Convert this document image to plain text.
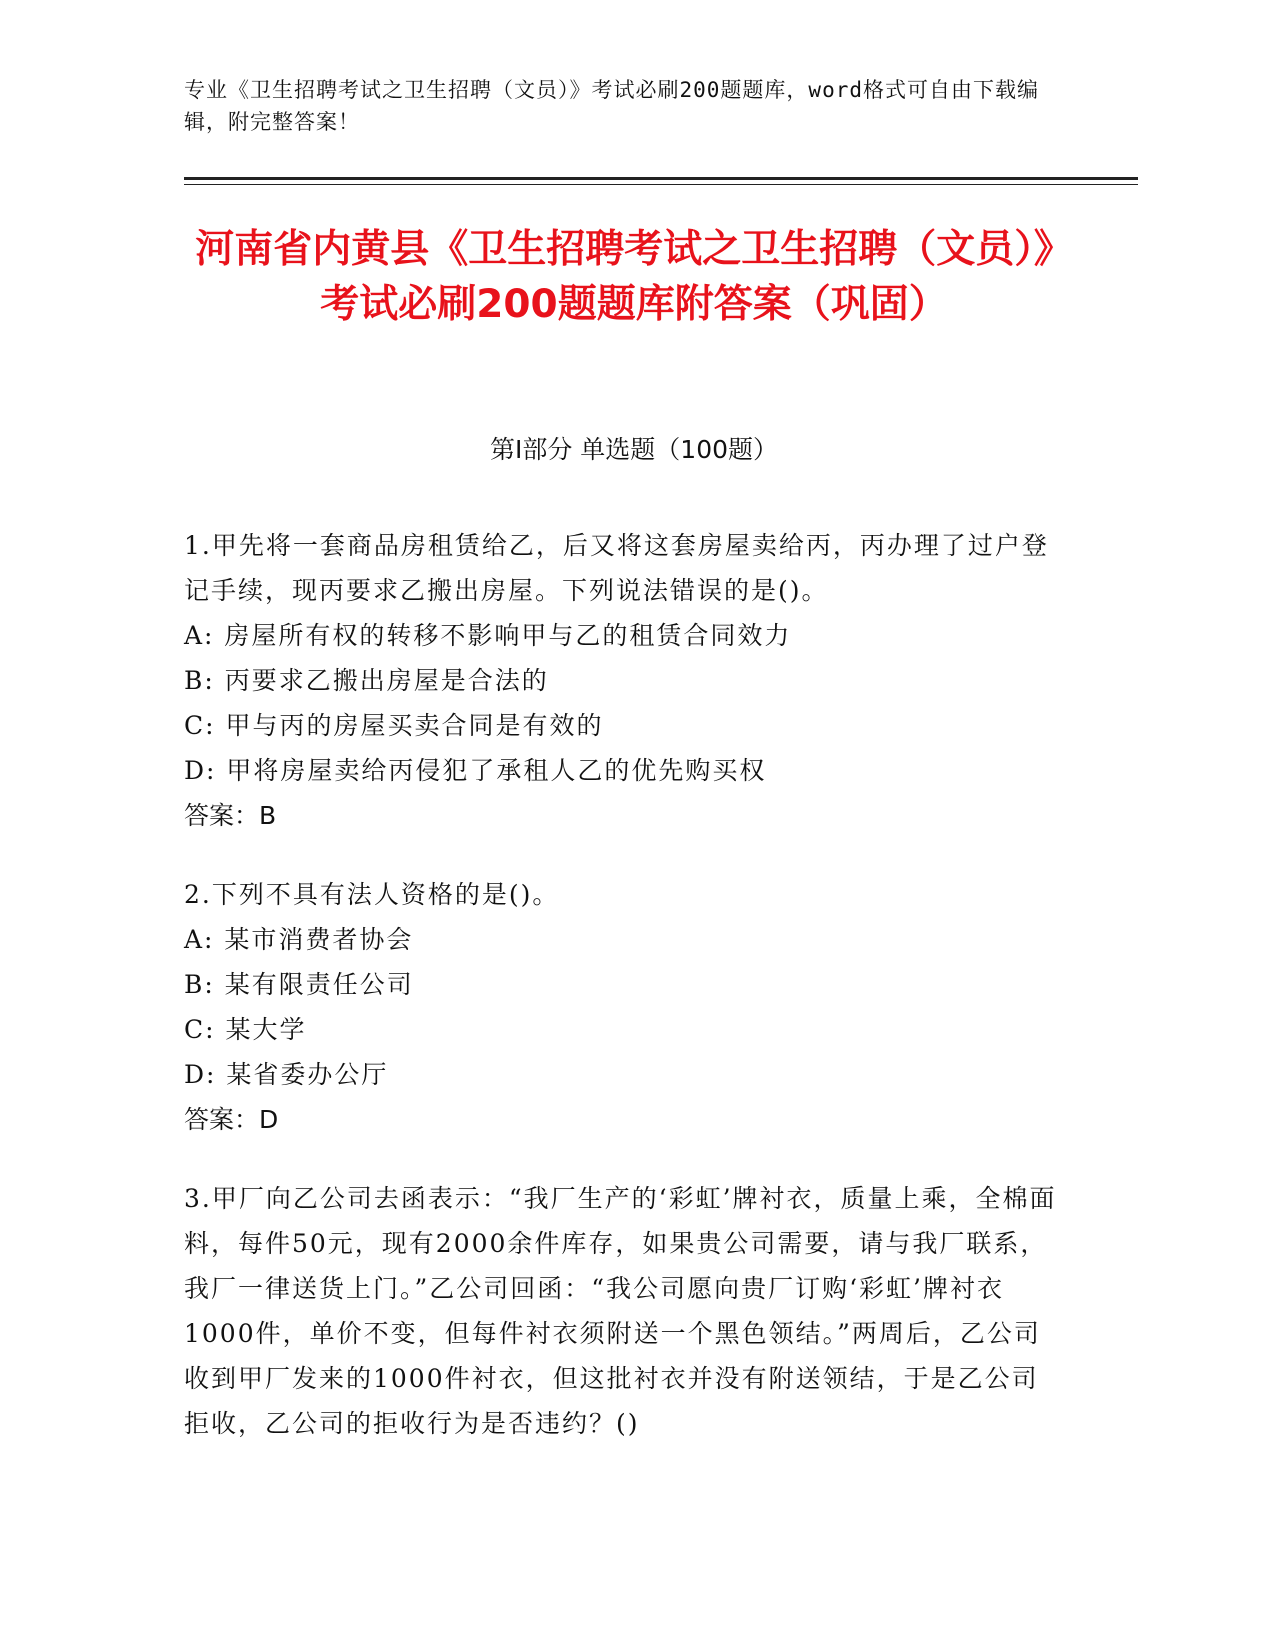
专业《卫生招聘考试之卫生招聘（文员）》考试必刷200题题库，word格式可自由下载编辑，附完整答案！
河南省内黄县《卫生招聘考试之卫生招聘（文员）》考试必刷200题题库附答案（巩固）
第I部分 单选题（100题）

1.甲先将一套商品房租赁给乙，后又将这套房屋卖给丙，丙办理了过户登记手续，现丙要求乙搬出房屋。下列说法错误的是()。

A: 房屋所有权的转移不影响甲与乙的租赁合同效力

B: 丙要求乙搬出房屋是合法的

C: 甲与丙的房屋买卖合同是有效的

D: 甲将房屋卖给丙侵犯了承租人乙的优先购买权

答案：B

2.下列不具有法人资格的是()。

A: 某市消费者协会

B: 某有限责任公司

C: 某大学

D: 某省委办公厅

答案：D

3.甲厂向乙公司去函表示：“我厂生产的‘彩虹’牌衬衣，质量上乘，全棉面料，每件50元，现有2000余件库存，如果贵公司需要，请与我厂联系，我厂一律送货上门。”乙公司回函：“我公司愿向贵厂订购‘彩虹’牌衬衣1000件，单价不变，但每件衬衣须附送一个黑色领结。”两周后，乙公司收到甲厂发来的1000件衬衣，但这批衬衣并没有附送领结，于是乙公司拒收，乙公司的拒收行为是否违约？()
